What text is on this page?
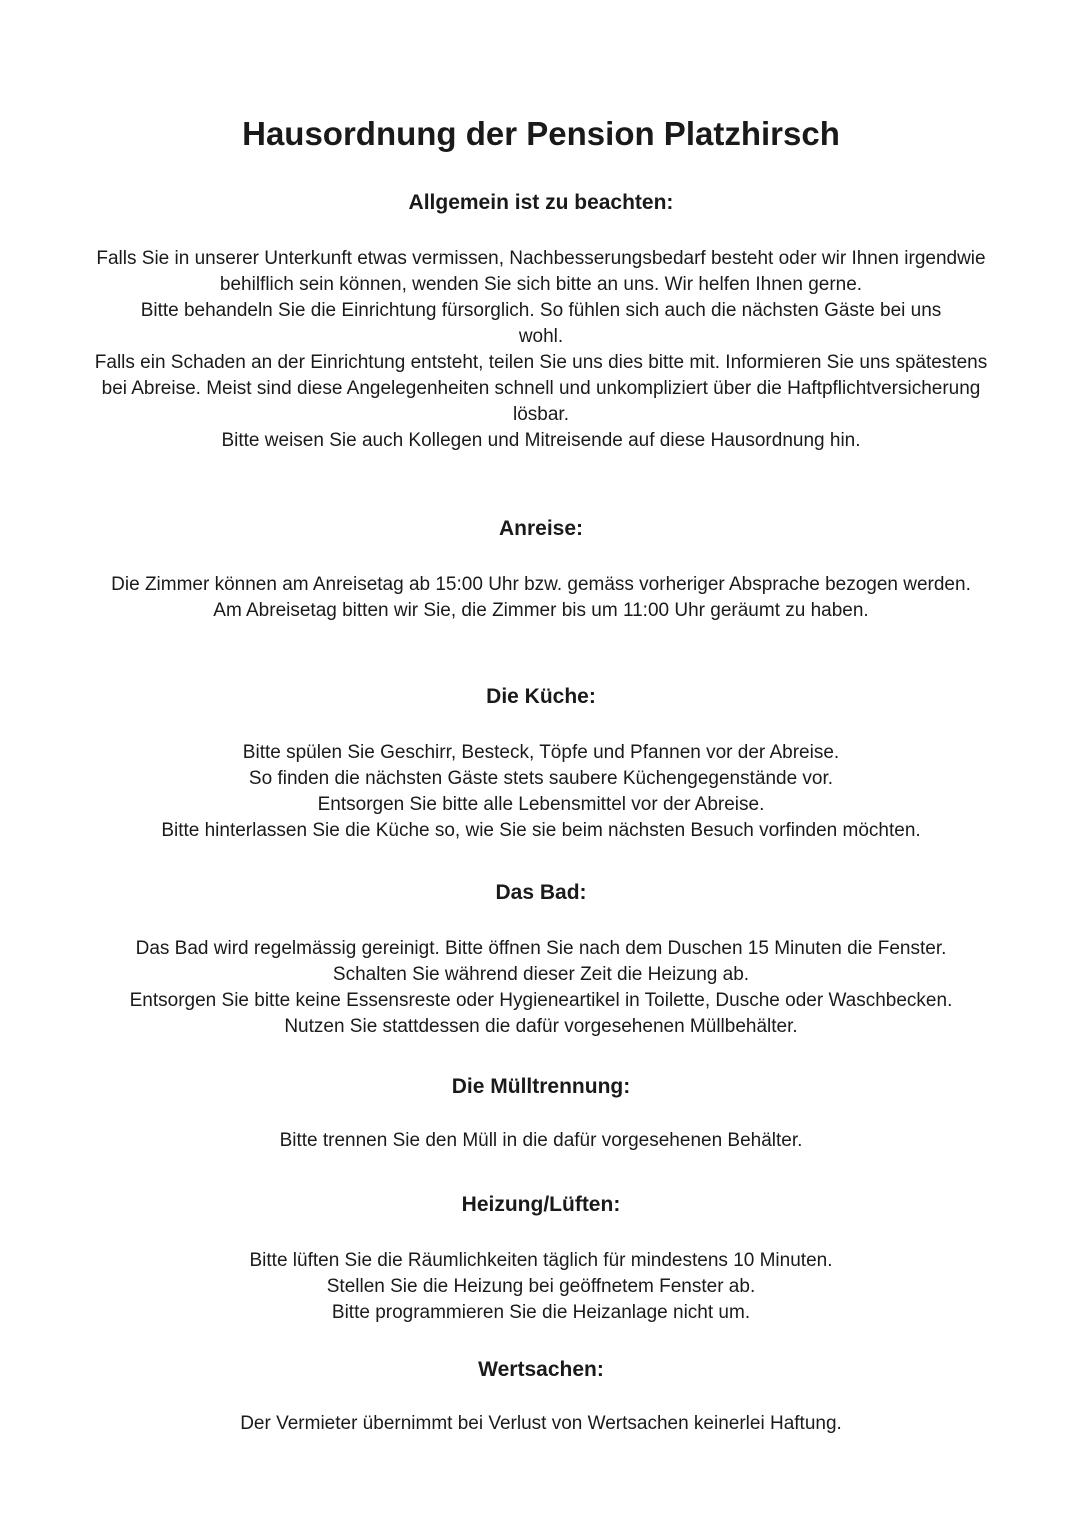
Hausordnung der Pension Platzhirsch
Allgemein ist zu beachten:

Falls Sie in unserer Unterkunft etwas vermissen, Nachbesserungsbedarf besteht oder wir Ihnen irgendwie behilflich sein können, wenden Sie sich bitte an uns. Wir helfen Ihnen gerne.

Bitte behandeln Sie die Einrichtung fürsorglich. So fühlen sich auch die nächsten Gäste bei uns wohl.

Falls ein Schaden an der Einrichtung entsteht, teilen Sie uns dies bitte mit. Informieren Sie uns spätestens bei Abreise. Meist sind diese Angelegenheiten schnell und unkompliziert über die Haftpflichtversicherung lösbar.

Bitte weisen Sie auch Kollegen und Mitreisende auf diese Hausordnung hin.

Anreise:

Die Zimmer können am Anreisetag ab 15:00 Uhr bzw. gemäss vorheriger Absprache bezogen werden. Am Abreisetag bitten wir Sie, die Zimmer bis um 11:00 Uhr geräumt zu haben.

Die Küche:

Bitte spülen Sie Geschirr, Besteck, Töpfe und Pfannen vor der Abreise.

So finden die nächsten Gäste stets saubere Küchengegenstände vor.

Entsorgen Sie bitte alle Lebensmittel vor der Abreise.

Bitte hinterlassen Sie die Küche so, wie Sie sie beim nächsten Besuch vorfinden möchten.

Das Bad:

Das Bad wird regelmässig gereinigt. Bitte öffnen Sie nach dem Duschen 15 Minuten die Fenster. Schalten Sie während dieser Zeit die Heizung ab.

Entsorgen Sie bitte keine Essensreste oder Hygieneartikel in Toilette, Dusche oder Waschbecken. Nutzen Sie stattdessen die dafür vorgesehenen Müllbehälter.

Die Mülltrennung:

Bitte trennen Sie den Müll in die dafür vorgesehenen Behälter.

Heizung/Lüften:

Bitte lüften Sie die Räumlichkeiten täglich für mindestens 10 Minuten.

Stellen Sie die Heizung bei geöffnetem Fenster ab.

Bitte programmieren Sie die Heizanlage nicht um.

Wertsachen:

Der Vermieter übernimmt bei Verlust von Wertsachen keinerlei Haftung.
